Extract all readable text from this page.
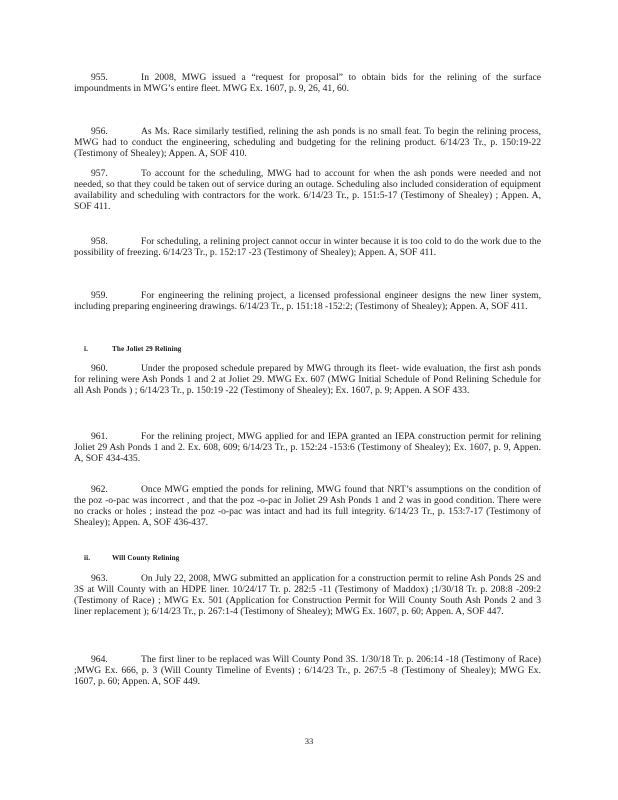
955.	In 2008, MWG issued a “request for proposal” to obtain bids for the relining of the surface impoundments in MWG’s entire fleet. MWG Ex. 1607, p. 9, 26, 41, 60.

956.	As Ms. Race similarly testified, relining the ash ponds is no small feat. To begin the relining process, MWG had to conduct the engineering, scheduling and budgeting for the relining product. 6/14/23 Tr., p. 150:19-22 (Testimony of Shealey); Appen. A, SOF 410.

957.	To account for the scheduling, MWG had to account for when the ash ponds were needed and not needed, so that they could be taken out of service during an outage. Scheduling also included consideration of equipment availability and scheduling with contractors for the work. 6/14/23 Tr., p. 151:5-17 (Testimony of Shealey) ; Appen. A, SOF 411.

958.	For scheduling, a relining project cannot occur in winter because it is too cold to do the work due to the possibility of freezing. 6/14/23 Tr., p. 152:17 -23 (Testimony of Shealey); Appen. A, SOF 411.

959.	For engineering the relining project, a licensed professional engineer designs the new liner system, including preparing engineering drawings. 6/14/23 Tr., p. 151:18 -152:2; (Testimony of Shealey); Appen. A, SOF 411.

i.	The Joliet 29 Relining

960.	Under the proposed schedule prepared by MWG through its fleet- wide evaluation, the first ash ponds for relining were Ash Ponds 1 and 2 at Joliet 29. MWG Ex. 607 (MWG Initial Schedule of Pond Relining Schedule for all Ash Ponds ) ; 6/14/23 Tr., p. 150:19 -22 (Testimony of Shealey); Ex. 1607, p. 9; Appen. A SOF 433.

961.	For the relining project, MWG applied for and IEPA granted an IEPA construction permit for relining Joliet 29 Ash Ponds 1 and 2. Ex. 608, 609; 6/14/23 Tr., p. 152:24 -153:6 (Testimony of Shealey); Ex. 1607, p. 9, Appen. A, SOF 434-435.

962.	Once MWG emptied the ponds for relining, MWG found that NRT’s assumptions on the condition of the poz -o-pac was incorrect , and that the poz -o-pac in Joliet 29 Ash Ponds 1 and 2 was in good condition. There were no cracks or holes ; instead the poz -o-pac was intact and had its full integrity. 6/14/23 Tr., p. 153:7-17 (Testimony of Shealey); Appen. A, SOF 436-437.

ii.	Will County Relining

963.	On July 22, 2008, MWG submitted an application for a construction permit to reline Ash Ponds 2S and 3S at Will County with an HDPE liner. 10/24/17 Tr. p. 282:5 -11 (Testimony of Maddox) ;1/30/18 Tr. p. 208:8 -209:2 (Testimony of Race) ; MWG Ex. 501 (Application for Construction Permit for Will County South Ash Ponds 2 and 3 liner replacement ); 6/14/23 Tr., p. 267:1-4 (Testimony of Shealey); MWG Ex. 1607, p. 60; Appen. A, SOF 447.

964.	The first liner to be replaced was Will County Pond 3S. 1/30/18 Tr. p. 206:14 -18 (Testimony of Race) ;MWG Ex. 666, p. 3 (Will County Timeline of Events) ; 6/14/23 Tr., p. 267:5 -8 (Testimony of Shealey); MWG Ex. 1607, p. 60; Appen. A, SOF 449.

33
